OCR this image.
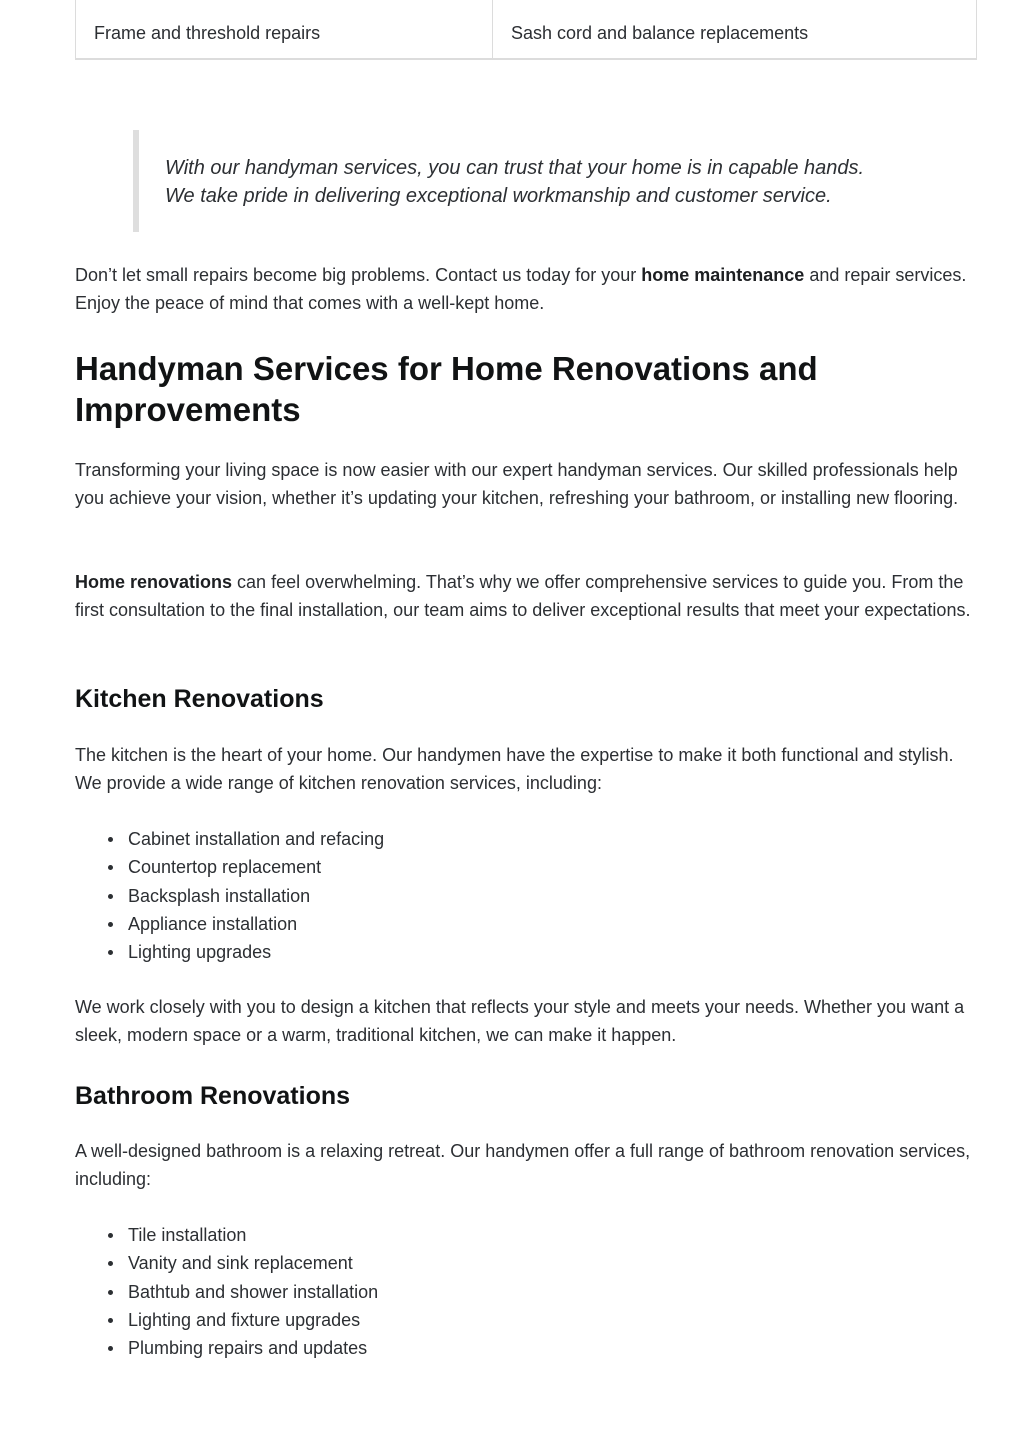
Frame and threshold repairs	Sash cord and balance replacements

With our handyman services, you can trust that your home is in capable hands.

We take pride in delivering exceptional workmanship and customer service.

Don’t let small repairs become big problems. Contact us today for your home maintenance and repair services. Enjoy the peace of mind that comes with a well-kept home.

Handyman Services for Home Renovations and Improvements

Transforming your living space is now easier with our expert handyman services. Our skilled professionals help you achieve your vision, whether it’s updating your kitchen, refreshing your bathroom, or installing new flooring.

Home renovations can feel overwhelming. That’s why we offer comprehensive services to guide you. From the first consultation to the final installation, our team aims to deliver exceptional results that meet your expectations.

Kitchen Renovations

The kitchen is the heart of your home. Our handymen have the expertise to make it both functional and stylish. We provide a wide range of kitchen renovation services, including:

Cabinet installation and refacing
Countertop replacement
Backsplash installation
Appliance installation
Lighting upgrades

We work closely with you to design a kitchen that reflects your style and meets your needs. Whether you want a sleek, modern space or a warm, traditional kitchen, we can make it happen.

Bathroom Renovations

A well-designed bathroom is a relaxing retreat. Our handymen offer a full range of bathroom renovation services, including:

Tile installation
Vanity and sink replacement
Bathtub and shower installation
Lighting and fixture upgrades
Plumbing repairs and updates
